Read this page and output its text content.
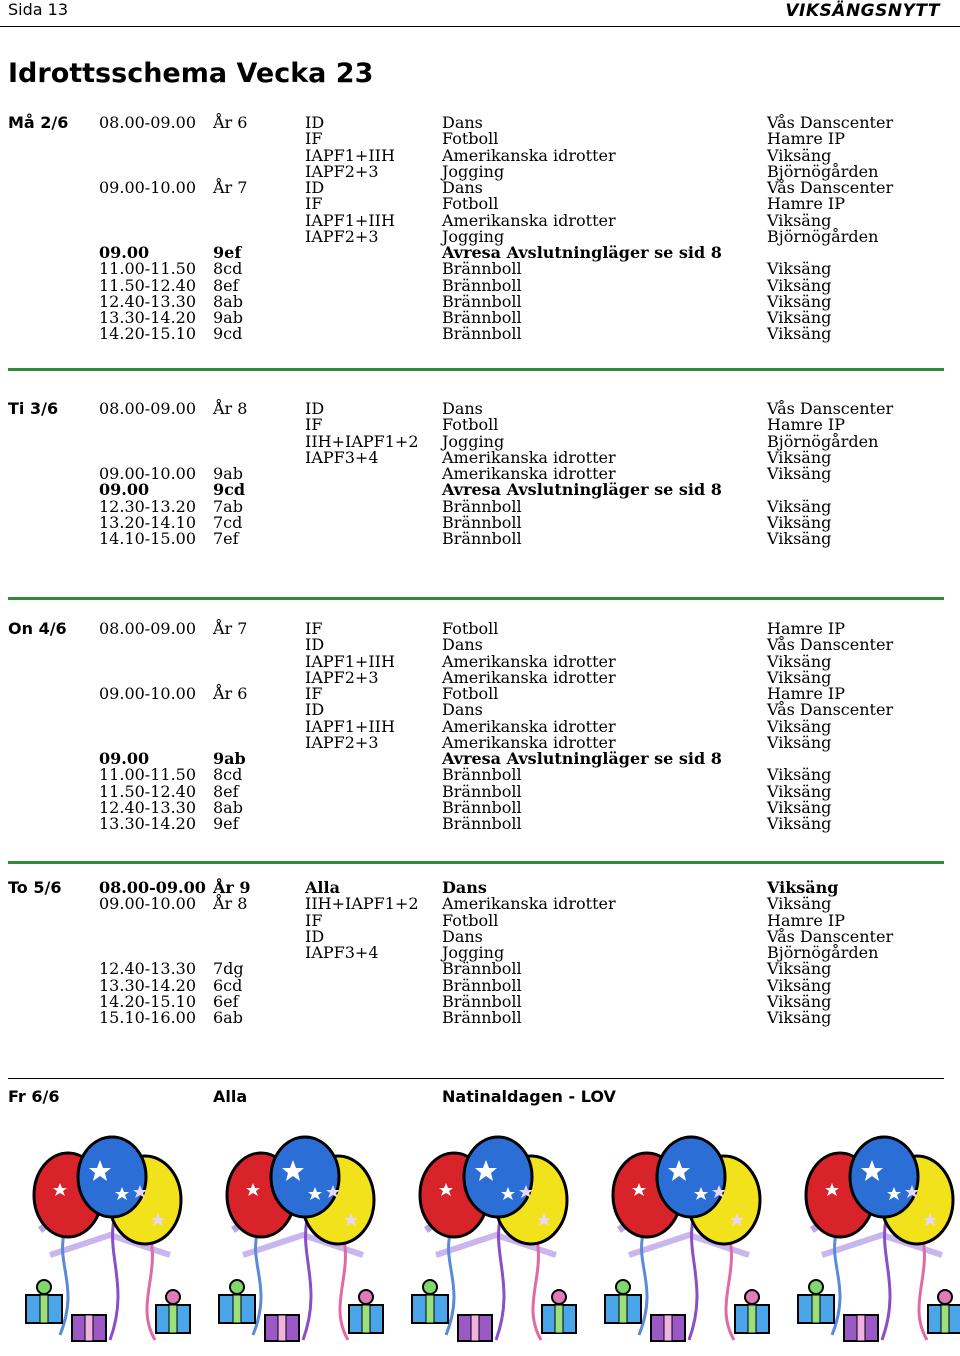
Sida 13	VIKSÄNGSNYTT
Idrottsschema Vecka 23
Må 2/6 08.00-09.00 År 6	ID	Dans	Vås Danscenter
IF	Fotboll	Hamre IP
IAPF1+IIH	Amerikanska idrotter	Viksäng
IAPF2+3	Jogging	Björnögården
09.00-10.00 År 7	ID	Dans	Vås Danscenter
IF	Fotboll	Hamre IP
IAPF1+IIH	Amerikanska idrotter	Viksäng
IAPF2+3	Jogging	Björnögården
09.00	9ef	Avresa Avslutningläger se sid 8
11.00-11.50 8cd	Brännboll	Viksäng
11.50-12.40 8ef	Brännboll	Viksäng
12.40-13.30 8ab	Brännboll	Viksäng
13.30-14.20 9ab	Brännboll	Viksäng
14.20-15.10 9cd	Brännboll	Viksäng
Ti 3/6	08.00-09.00 År 8	ID	Dans	Vås Danscenter
IF	Fotboll	Hamre IP
IIH+IAPF1+2 Jogging	Björnögården
IAPF3+4	Amerikanska idrotter	Viksäng
09.00-10.00 9ab	Amerikanska idrotter	Viksäng
09.00	9cd	Avresa Avslutningläger se sid 8
12.30-13.20 7ab	Brännboll	Viksäng
13.20-14.10 7cd	Brännboll	Viksäng
14.10-15.00 7ef	Brännboll	Viksäng
On 4/6 08.00-09.00 År 7	IF	Fotboll	Hamre IP
ID	Dans	Vås Danscenter
IAPF1+IIH	Amerikanska idrotter	Viksäng
IAPF2+3	Amerikanska idrotter	Viksäng
09.00-10.00 År 6	IF	Fotboll	Hamre IP
ID	Dans	Vås Danscenter
IAPF1+IIH	Amerikanska idrotter	Viksäng
IAPF2+3	Amerikanska idrotter	Viksäng
09.00	9ab	Avresa Avslutningläger se sid 8
11.00-11.50 8cd	Brännboll	Viksäng
11.50-12.40 8ef	Brännboll	Viksäng
12.40-13.30 8ab	Brännboll	Viksäng
13.30-14.20 9ef	Brännboll	Viksäng
To 5/6 08.00-09.00 År 9	Alla	Dans	Viksäng
09.00-10.00 År 8	IIH+IAPF1+2 Amerikanska idrotter	Viksäng
IF	Fotboll	Hamre IP
ID	Dans	Vås Danscenter
IAPF3+4	Jogging	Björnögården
12.40-13.30 7dg	Brännboll	Viksäng
13.30-14.20 6cd	Brännboll	Viksäng
14.20-15.10 6ef	Brännboll	Viksäng
15.10-16.00 6ab	Brännboll	Viksäng
Fr 6/6	Alla	Natinaldagen - LOV
